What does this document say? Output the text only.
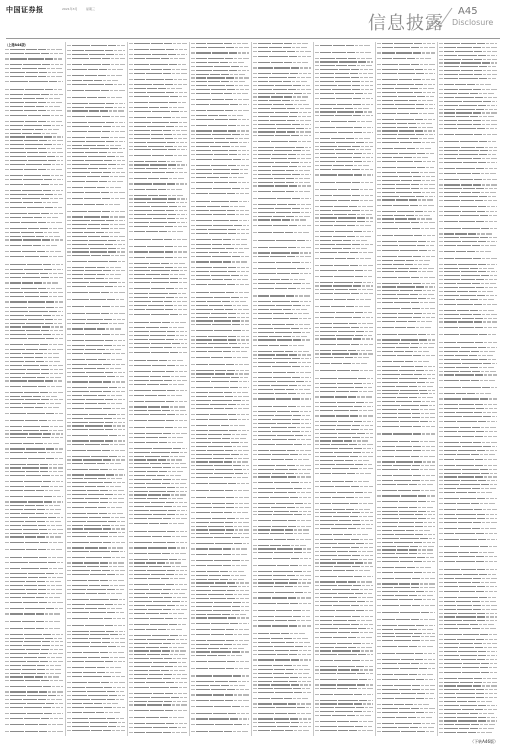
中国证券报	2021年3月	星期三
信息披露
A45
Disclosure
（上接A44版）
（下转A46版）
